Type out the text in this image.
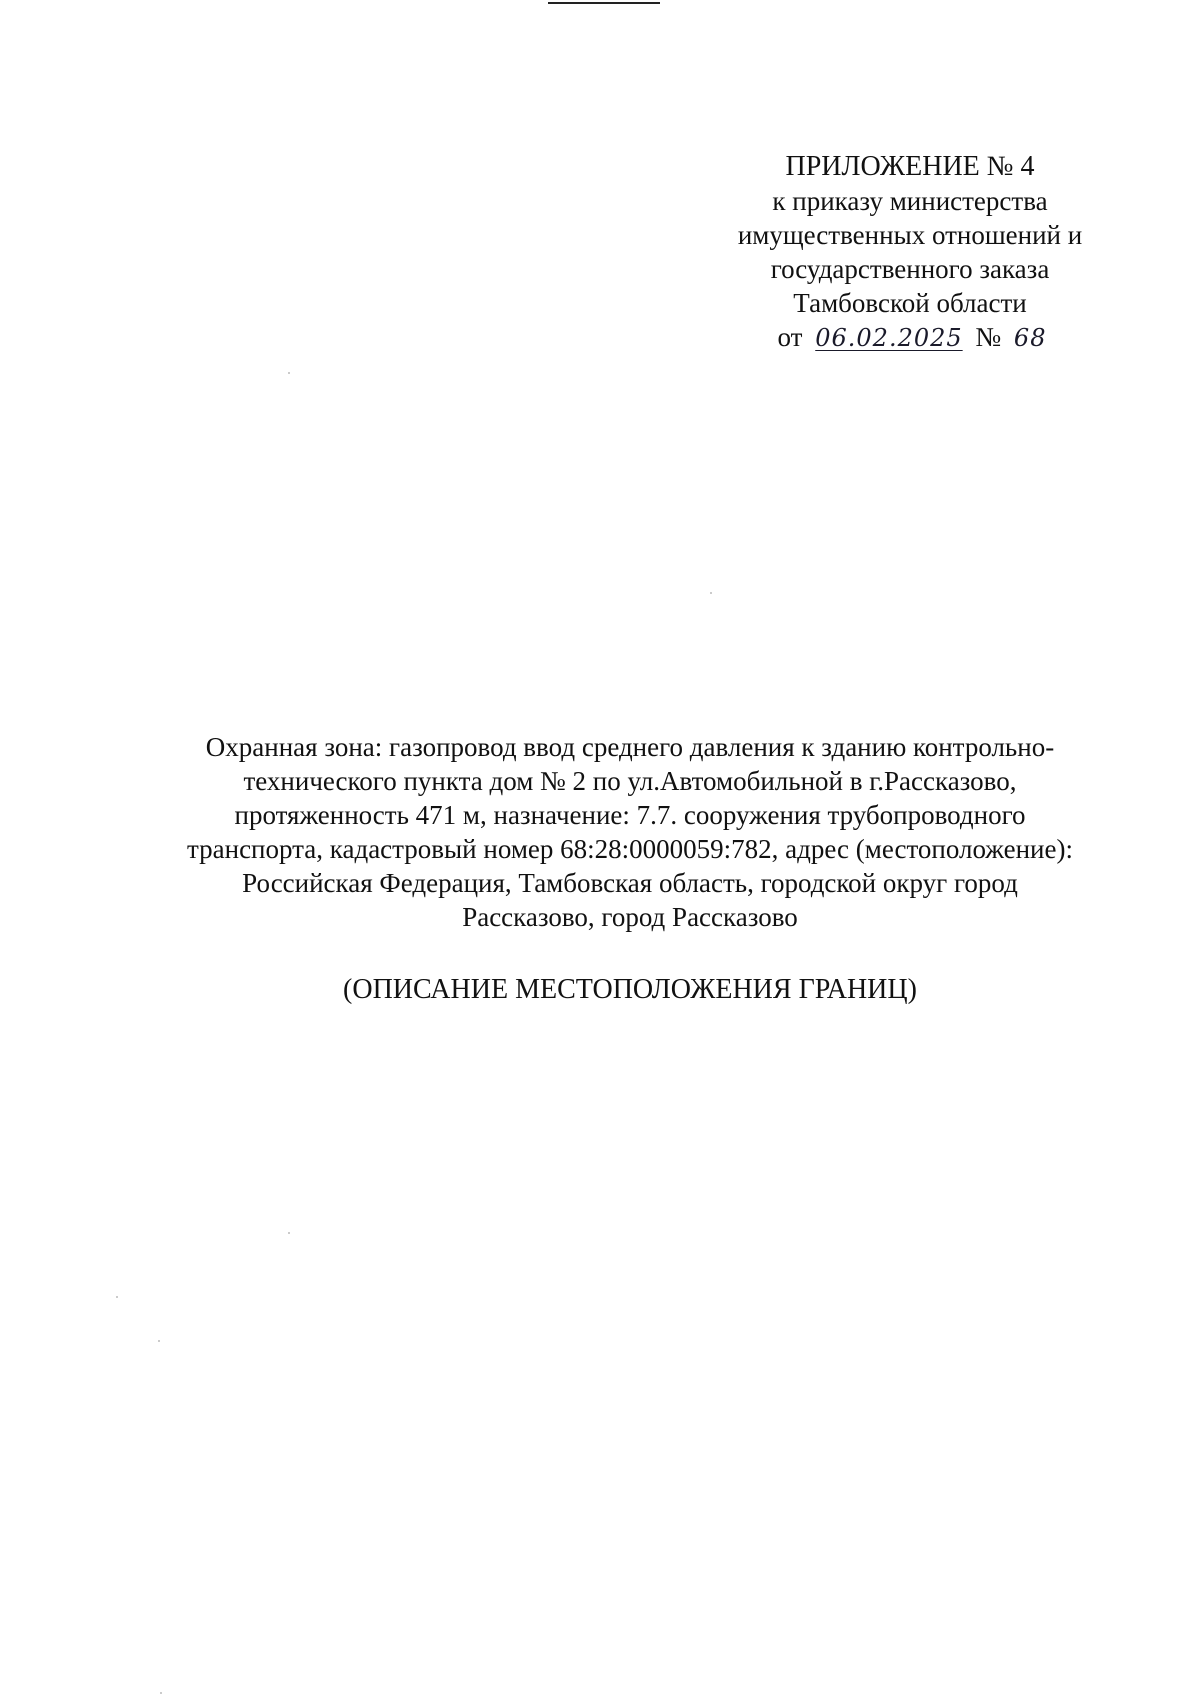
ПРИЛОЖЕНИЕ № 4
к приказу министерства
имущественных отношений и
государственного заказа
Тамбовской области
от 06.02.2025 № 68
Охранная зона: газопровод ввод среднего давления к зданию контрольно-
технического пункта дом № 2 по ул.Автомобильной в г.Рассказово,
протяженность 471 м, назначение: 7.7. сооружения трубопроводного
транспорта, кадастровый номер 68:28:0000059:782, адрес (местоположение):
Российская Федерация, Тамбовская область, городской округ город
Рассказово, город Рассказово
(ОПИСАНИЕ МЕСТОПОЛОЖЕНИЯ ГРАНИЦ)
